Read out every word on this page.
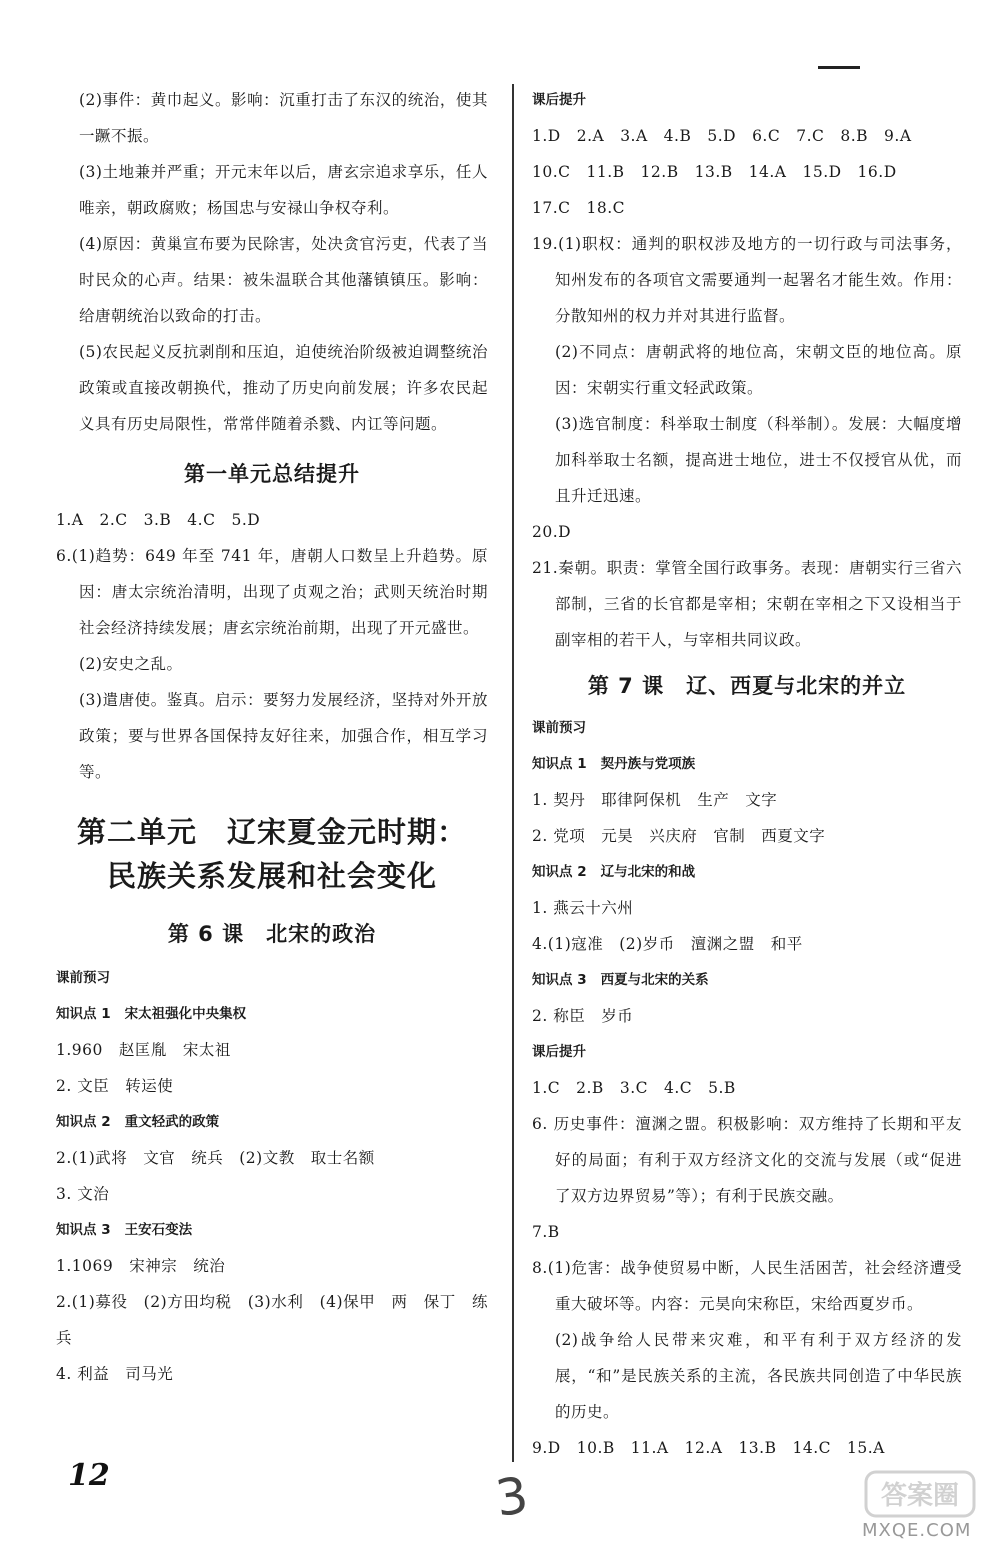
(2)事件：黄巾起义。影响：沉重打击了东汉的统治，使其一蹶不振。

(3)土地兼并严重；开元末年以后，唐玄宗追求享乐，任人唯亲，朝政腐败；杨国忠与安禄山争权夺利。

(4)原因：黄巢宣布要为民除害，处决贪官污吏，代表了当时民众的心声。结果：被朱温联合其他藩镇镇压。影响：给唐朝统治以致命的打击。

(5)农民起义反抗剥削和压迫，迫使统治阶级被迫调整统治政策或直接改朝换代，推动了历史向前发展；许多农民起义具有历史局限性，常常伴随着杀戮、内讧等问题。

第一单元总结提升

1.A　2.C　3.B　4.C　5.D

6.(1)趋势：649 年至 741 年，唐朝人口数呈上升趋势。原因：唐太宗统治清明，出现了贞观之治；武则天统治时期社会经济持续发展；唐玄宗统治前期，出现了开元盛世。

(2)安史之乱。

(3)遣唐使。鉴真。启示：要努力发展经济，坚持对外开放政策；要与世界各国保持友好往来，加强合作，相互学习等。

第二单元　辽宋夏金元时期：

民族关系发展和社会变化

第 6 课　北宋的政治

课前预习

知识点 1 宋太祖强化中央集权

1.960　赵匡胤　宋太祖

2. 文臣　转运使

知识点 2 重文轻武的政策

2.(1)武将　文官　统兵　(2)文教　取士名额

3. 文治

知识点 3 王安石变法

1.1069　宋神宗　统治

2.(1)募役　(2)方田均税　(3)水利　(4)保甲　两　保丁　练兵

4. 利益　司马光

课后提升

1.D　2.A　3.A　4.B　5.D　6.C　7.C　8.B　9.A

10.C　11.B　12.B　13.B　14.A　15.D　16.D

17.C　18.C

19.(1)职权：通判的职权涉及地方的一切行政与司法事务，知州发布的各项官文需要通判一起署名才能生效。作用：分散知州的权力并对其进行监督。

(2)不同点：唐朝武将的地位高，宋朝文臣的地位高。原因：宋朝实行重文轻武政策。

(3)选官制度：科举取士制度（科举制）。发展：大幅度增加科举取士名额，提高进士地位，进士不仅授官从优，而且升迁迅速。

20.D

21.秦朝。职责：掌管全国行政事务。表现：唐朝实行三省六部制，三省的长官都是宰相；宋朝在宰相之下又设相当于副宰相的若干人，与宰相共同议政。

第 7 课　辽、西夏与北宋的并立

课前预习

知识点 1 契丹族与党项族

1. 契丹　耶律阿保机　生产　文字

2. 党项　元昊　兴庆府　官制　西夏文字

知识点 2 辽与北宋的和战

1. 燕云十六州

4.(1)寇准　(2)岁币　澶渊之盟　和平

知识点 3 西夏与北宋的关系

2. 称臣　岁币

课后提升

1.C　2.B　3.C　4.C　5.B

6. 历史事件：澶渊之盟。积极影响：双方维持了长期和平友好的局面；有利于双方经济文化的交流与发展（或“促进了双方边界贸易”等）；有利于民族交融。

7.B

8.(1)危害：战争使贸易中断，人民生活困苦，社会经济遭受重大破坏等。内容：元昊向宋称臣，宋给西夏岁币。

(2)战争给人民带来灾难，和平有利于双方经济的发展，“和”是民族关系的主流，各民族共同创造了中华民族的历史。

9.D　10.B　11.A　12.A　13.B　14.C　15.A

12	3	答案圈
MXQE.COM
